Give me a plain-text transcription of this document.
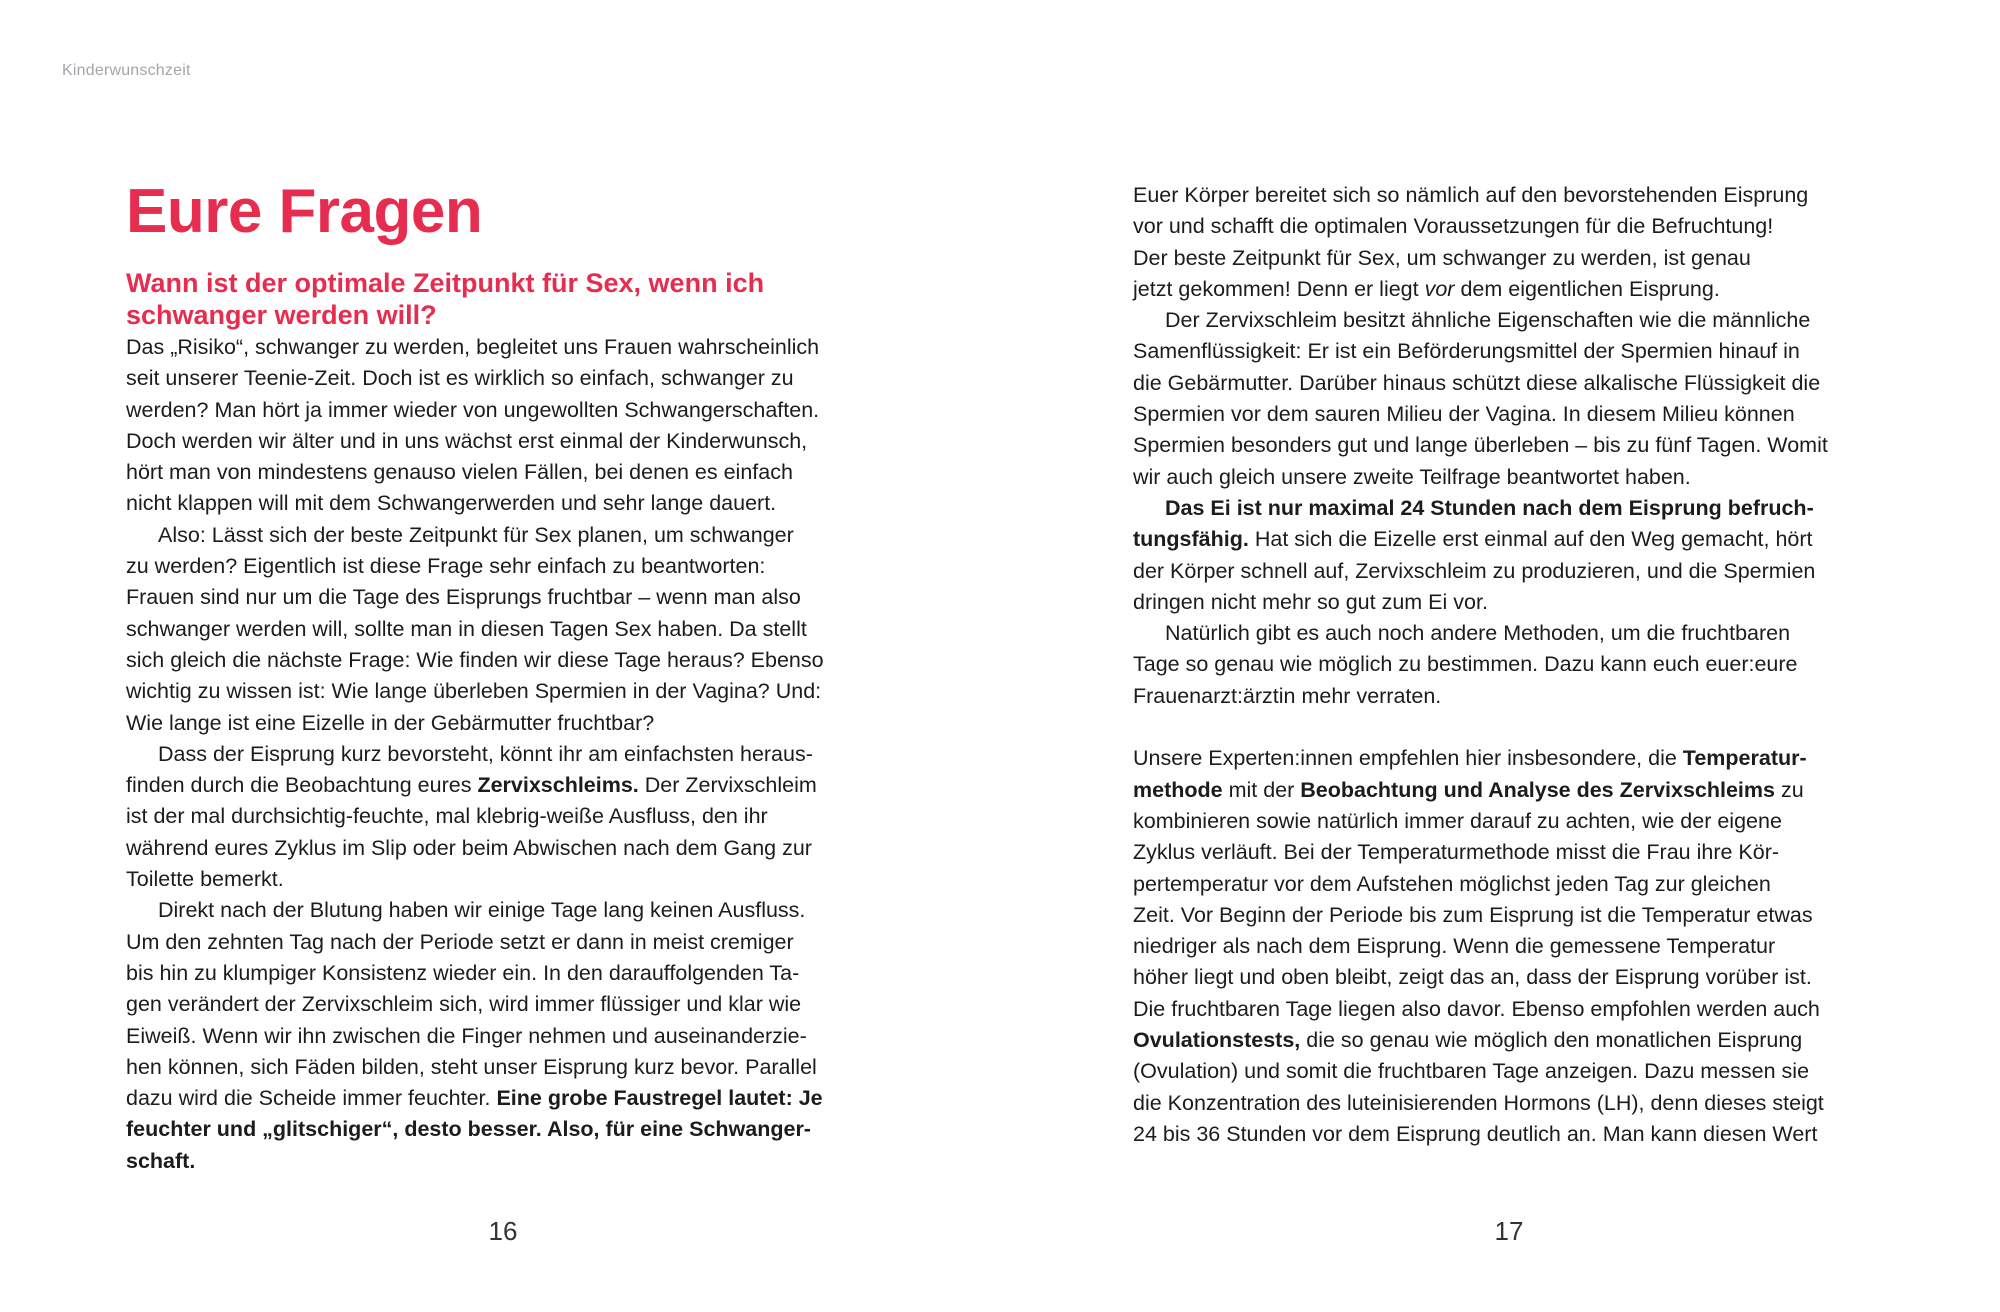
Kinderwunschzeit
Eure Fragen
Wann ist der optimale Zeitpunkt für Sex, wenn ich schwanger werden will?
Das „Risiko“, schwanger zu werden, begleitet uns Frauen wahrscheinlich
seit unserer Teenie-Zeit. Doch ist es wirklich so einfach, schwanger zu
werden? Man hört ja immer wieder von ungewollten Schwangerschaften.
Doch werden wir älter und in uns wächst erst einmal der Kinderwunsch,
hört man von mindestens genauso vielen Fällen, bei denen es einfach
nicht klappen will mit dem Schwangerwerden und sehr lange dauert.
Also: Lässt sich der beste Zeitpunkt für Sex planen, um schwanger
zu werden? Eigentlich ist diese Frage sehr einfach zu beantworten:
Frauen sind nur um die Tage des Eisprungs fruchtbar – wenn man also
schwanger werden will, sollte man in diesen Tagen Sex haben. Da stellt
sich gleich die nächste Frage: Wie finden wir diese Tage heraus? Ebenso
wichtig zu wissen ist: Wie lange überleben Spermien in der Vagina? Und:
Wie lange ist eine Eizelle in der Gebärmutter fruchtbar?
Dass der Eisprung kurz bevorsteht, könnt ihr am einfachsten heraus-
finden durch die Beobachtung eures Zervixschleims. Der Zervixschleim
ist der mal durchsichtig-feuchte, mal klebrig-weiße Ausfluss, den ihr
während eures Zyklus im Slip oder beim Abwischen nach dem Gang zur
Toilette bemerkt.
Direkt nach der Blutung haben wir einige Tage lang keinen Ausfluss.
Um den zehnten Tag nach der Periode setzt er dann in meist cremiger
bis hin zu klumpiger Konsistenz wieder ein. In den darauffolgenden Ta-
gen verändert der Zervixschleim sich, wird immer flüssiger und klar wie
Eiweiß. Wenn wir ihn zwischen die Finger nehmen und auseinanderzie-
hen können, sich Fäden bilden, steht unser Eisprung kurz bevor. Parallel
dazu wird die Scheide immer feuchter. Eine grobe Faustregel lautet: Je
feuchter und „glitschiger“, desto besser. Also, für eine Schwanger-
schaft.
Euer Körper bereitet sich so nämlich auf den bevorstehenden Eisprung
vor und schafft die optimalen Voraussetzungen für die Befruchtung!
Der beste Zeitpunkt für Sex, um schwanger zu werden, ist genau
jetzt gekommen! Denn er liegt vor dem eigentlichen Eisprung.
Der Zervixschleim besitzt ähnliche Eigenschaften wie die männliche
Samenflüssigkeit: Er ist ein Beförderungsmittel der Spermien hinauf in
die Gebärmutter. Darüber hinaus schützt diese alkalische Flüssigkeit die
Spermien vor dem sauren Milieu der Vagina. In diesem Milieu können
Spermien besonders gut und lange überleben – bis zu fünf Tagen. Womit
wir auch gleich unsere zweite Teilfrage beantwortet haben.
Das Ei ist nur maximal 24 Stunden nach dem Eisprung befruch-
tungsfähig. Hat sich die Eizelle erst einmal auf den Weg gemacht, hört
der Körper schnell auf, Zervixschleim zu produzieren, und die Spermien
dringen nicht mehr so gut zum Ei vor.
Natürlich gibt es auch noch andere Methoden, um die fruchtbaren
Tage so genau wie möglich zu bestimmen. Dazu kann euch euer:eure
Frauenarzt:ärztin mehr verraten.

Unsere Experten:innen empfehlen hier insbesondere, die Temperatur-
methode mit der Beobachtung und Analyse des Zervixschleims zu
kombinieren sowie natürlich immer darauf zu achten, wie der eigene
Zyklus verläuft. Bei der Temperaturmethode misst die Frau ihre Kör-
pertemperatur vor dem Aufstehen möglichst jeden Tag zur gleichen
Zeit. Vor Beginn der Periode bis zum Eisprung ist die Temperatur etwas
niedriger als nach dem Eisprung. Wenn die gemessene Temperatur
höher liegt und oben bleibt, zeigt das an, dass der Eisprung vorüber ist.
Die fruchtbaren Tage liegen also davor. Ebenso empfohlen werden auch
Ovulationstests, die so genau wie möglich den monatlichen Eisprung
(Ovulation) und somit die fruchtbaren Tage anzeigen. Dazu messen sie
die Konzentration des luteinisierenden Hormons (LH), denn dieses steigt
24 bis 36 Stunden vor dem Eisprung deutlich an. Man kann diesen Wert
16	17
